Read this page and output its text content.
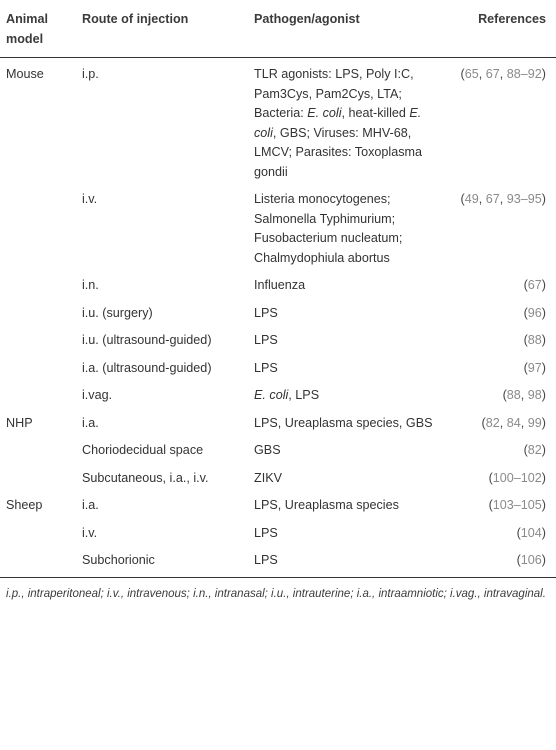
Animal model	Route of injection	Pathogen/agonist	References
Mouse	i.p.	TLR agonists: LPS, Poly I:C, Pam3Cys, Pam2Cys, LTA; Bacteria: E. coli, heat-killed E. coli, GBS; Viruses: MHV-68, LMCV; Parasites: Toxoplasma gondii	(65, 67, 88–92)
	i.v.	Listeria monocytogenes; Salmonella Typhimurium; Fusobacterium nucleatum; Chalmydophiula abortus	(49, 67, 93–95)
	i.n.	Influenza	(67)
	i.u. (surgery)	LPS	(96)
	i.u. (ultrasound-guided)	LPS	(88)
	i.a. (ultrasound-guided)	LPS	(97)
	i.vag.	E. coli, LPS	(88, 98)
NHP	i.a.	LPS, Ureaplasma species, GBS	(82, 84, 99)
	Choriodecidual space	GBS	(82)
	Subcutaneous, i.a., i.v.	ZIKV	(100–102)
Sheep	i.a.	LPS, Ureaplasma species	(103–105)
	i.v.	LPS	(104)
	Subchorionic	LPS	(106)
i.p., intraperitoneal; i.v., intravenous; i.n., intranasal; i.u., intrauterine; i.a., intraamniotic; i.vag., intravaginal.
